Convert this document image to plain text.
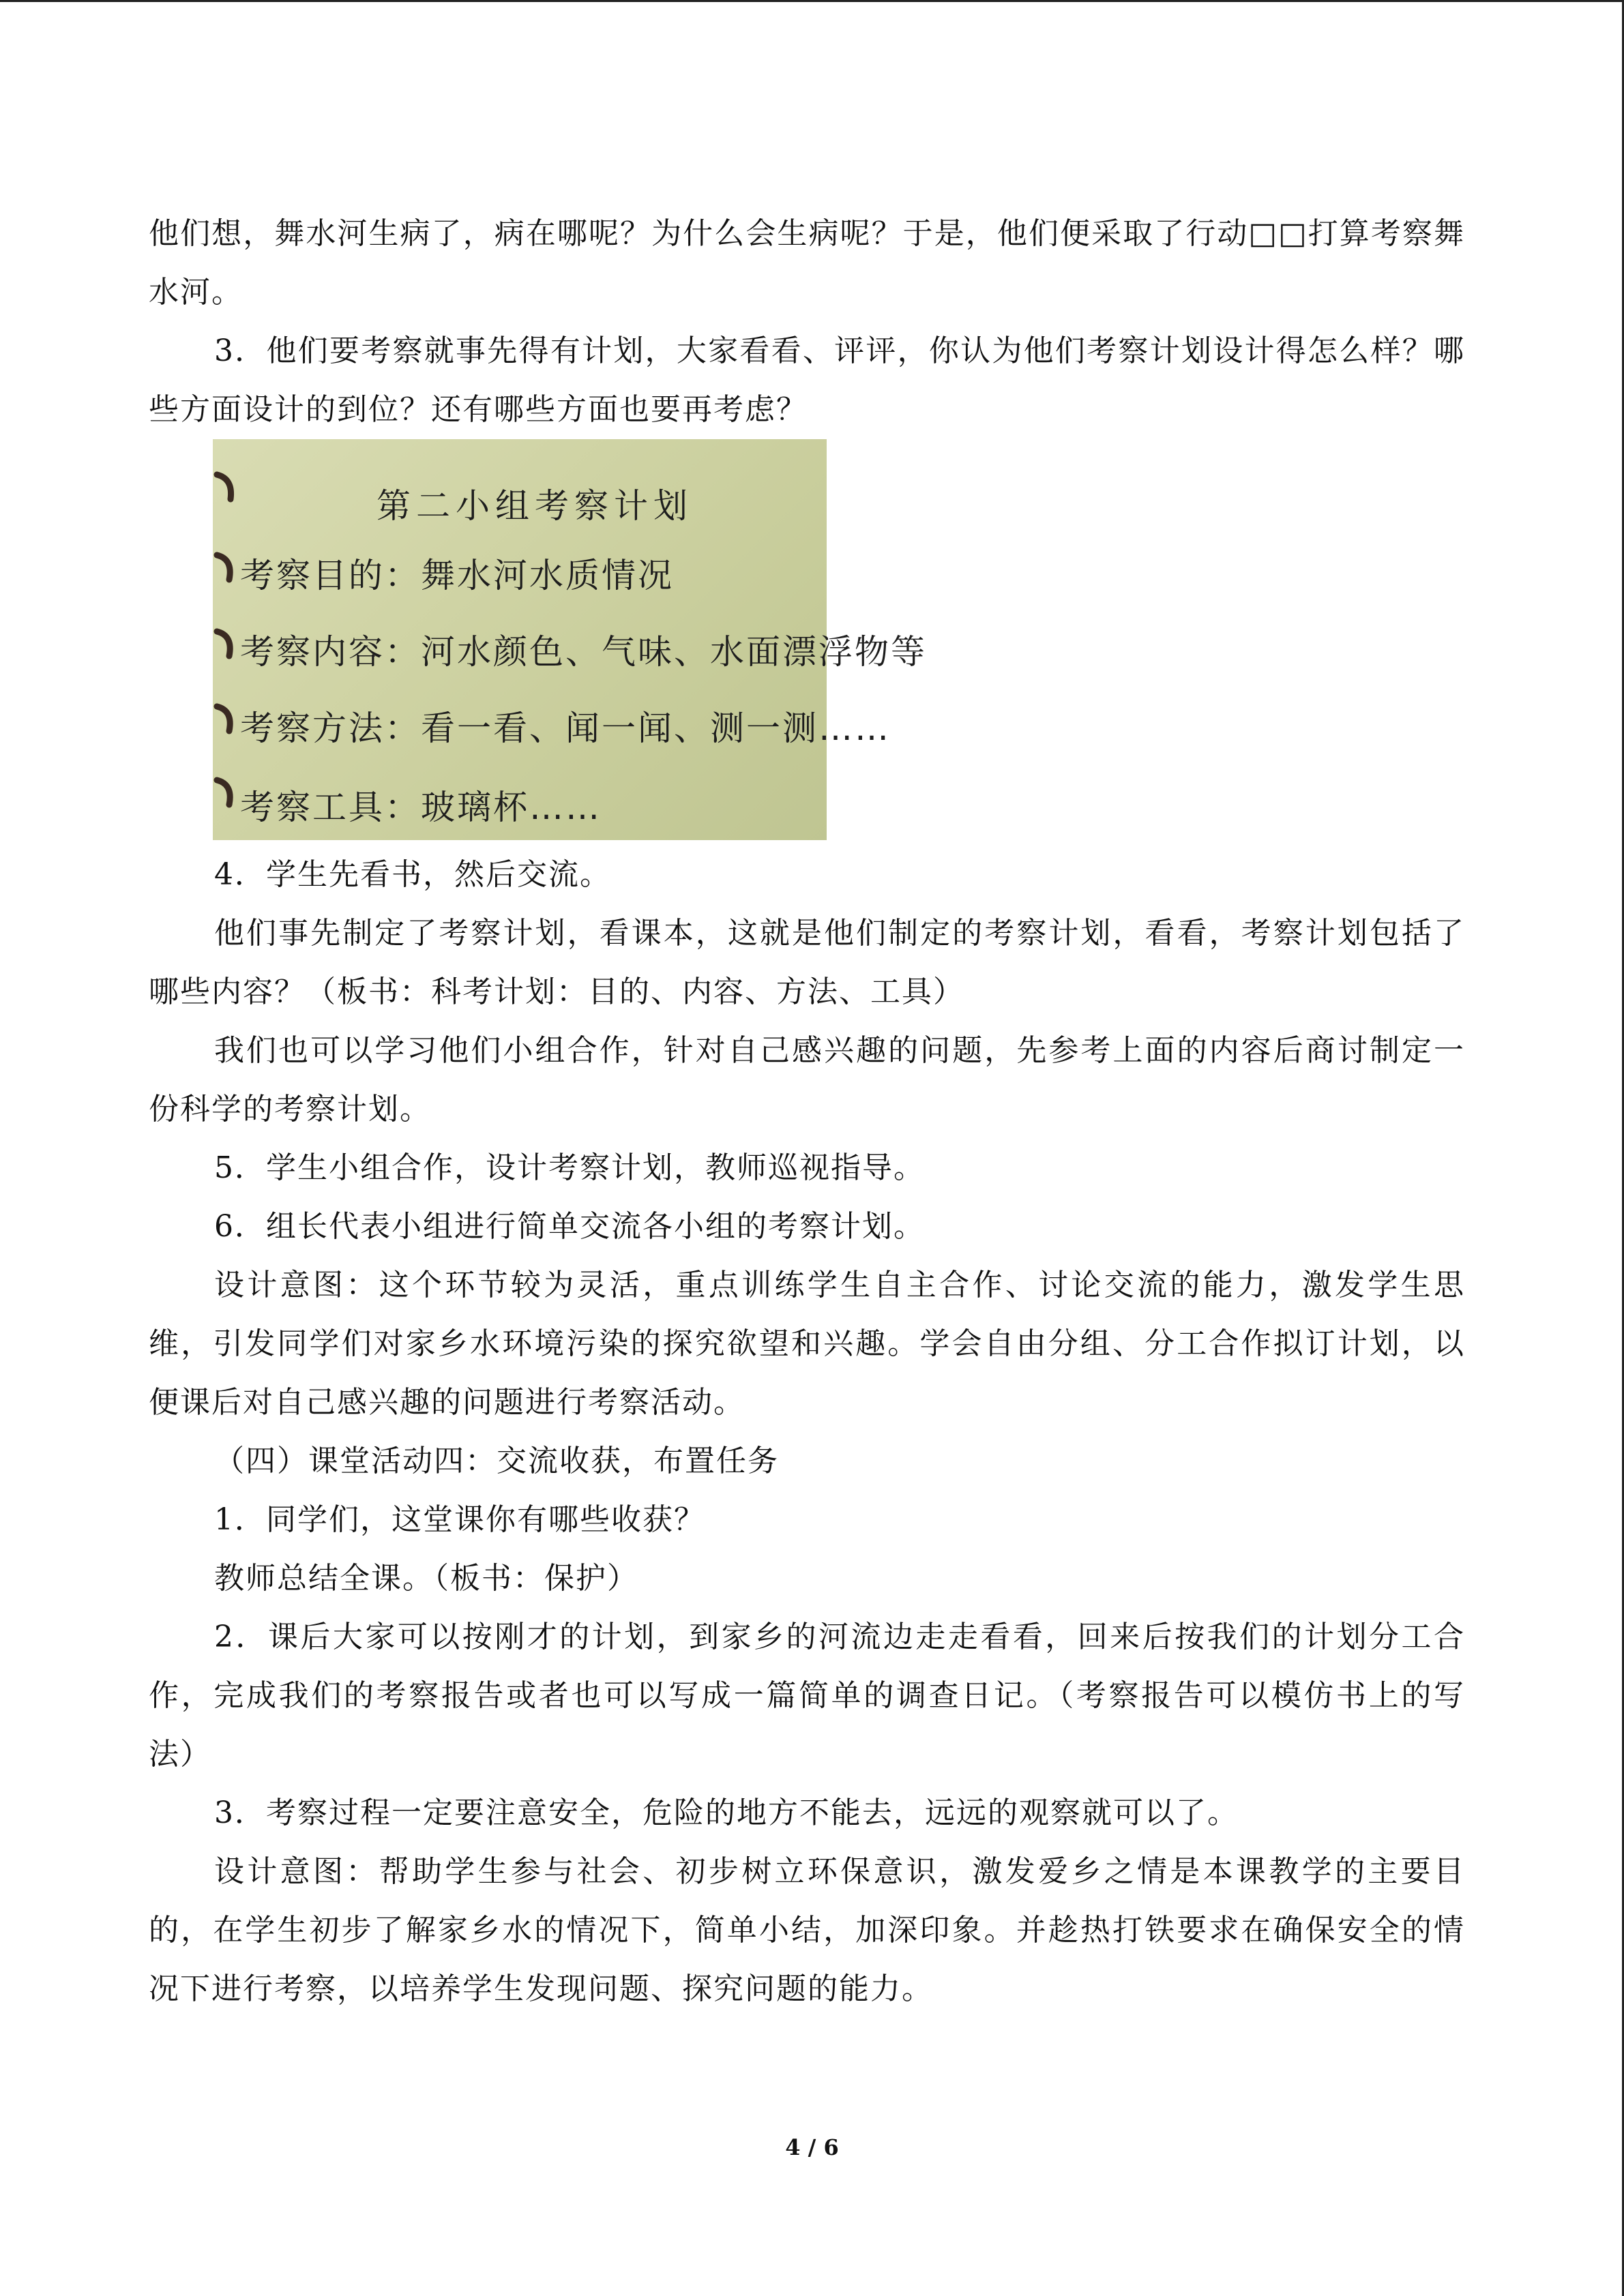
他们想，舞水河生病了，病在哪呢？为什么会生病呢？于是，他们便采取了行动□□打算考察舞水河。

3．他们要考察就事先得有计划，大家看看、评评，你认为他们考察计划设计得怎么样？哪些方面设计的到位？还有哪些方面也要再考虑？

第二小组考察计划
考察目的：舞水河水质情况
考察内容：河水颜色、气味、水面漂浮物等
考察方法：看一看、闻一闻、测一测……
考察工具：玻璃杯……

4．学生先看书，然后交流。

他们事先制定了考察计划，看课本，这就是他们制定的考察计划，看看，考察计划包括了哪些内容？（板书：科考计划：目的、内容、方法、工具）

我们也可以学习他们小组合作，针对自己感兴趣的问题，先参考上面的内容后商讨制定一份科学的考察计划。

5．学生小组合作，设计考察计划，教师巡视指导。

6．组长代表小组进行简单交流各小组的考察计划。

设计意图：这个环节较为灵活，重点训练学生自主合作、讨论交流的能力，激发学生思维，引发同学们对家乡水环境污染的探究欲望和兴趣。学会自由分组、分工合作拟订计划，以便课后对自己感兴趣的问题进行考察活动。

（四）课堂活动四：交流收获，布置任务

1．同学们，这堂课你有哪些收获？

教师总结全课。（板书：保护）

2．课后大家可以按刚才的计划，到家乡的河流边走走看看，回来后按我们的计划分工合作，完成我们的考察报告或者也可以写成一篇简单的调查日记。（考察报告可以模仿书上的写法）

3．考察过程一定要注意安全，危险的地方不能去，远远的观察就可以了。

设计意图：帮助学生参与社会、初步树立环保意识，激发爱乡之情是本课教学的主要目的，在学生初步了解家乡水的情况下，简单小结，加深印象。并趁热打铁要求在确保安全的情况下进行考察，以培养学生发现问题、探究问题的能力。

4 / 6
